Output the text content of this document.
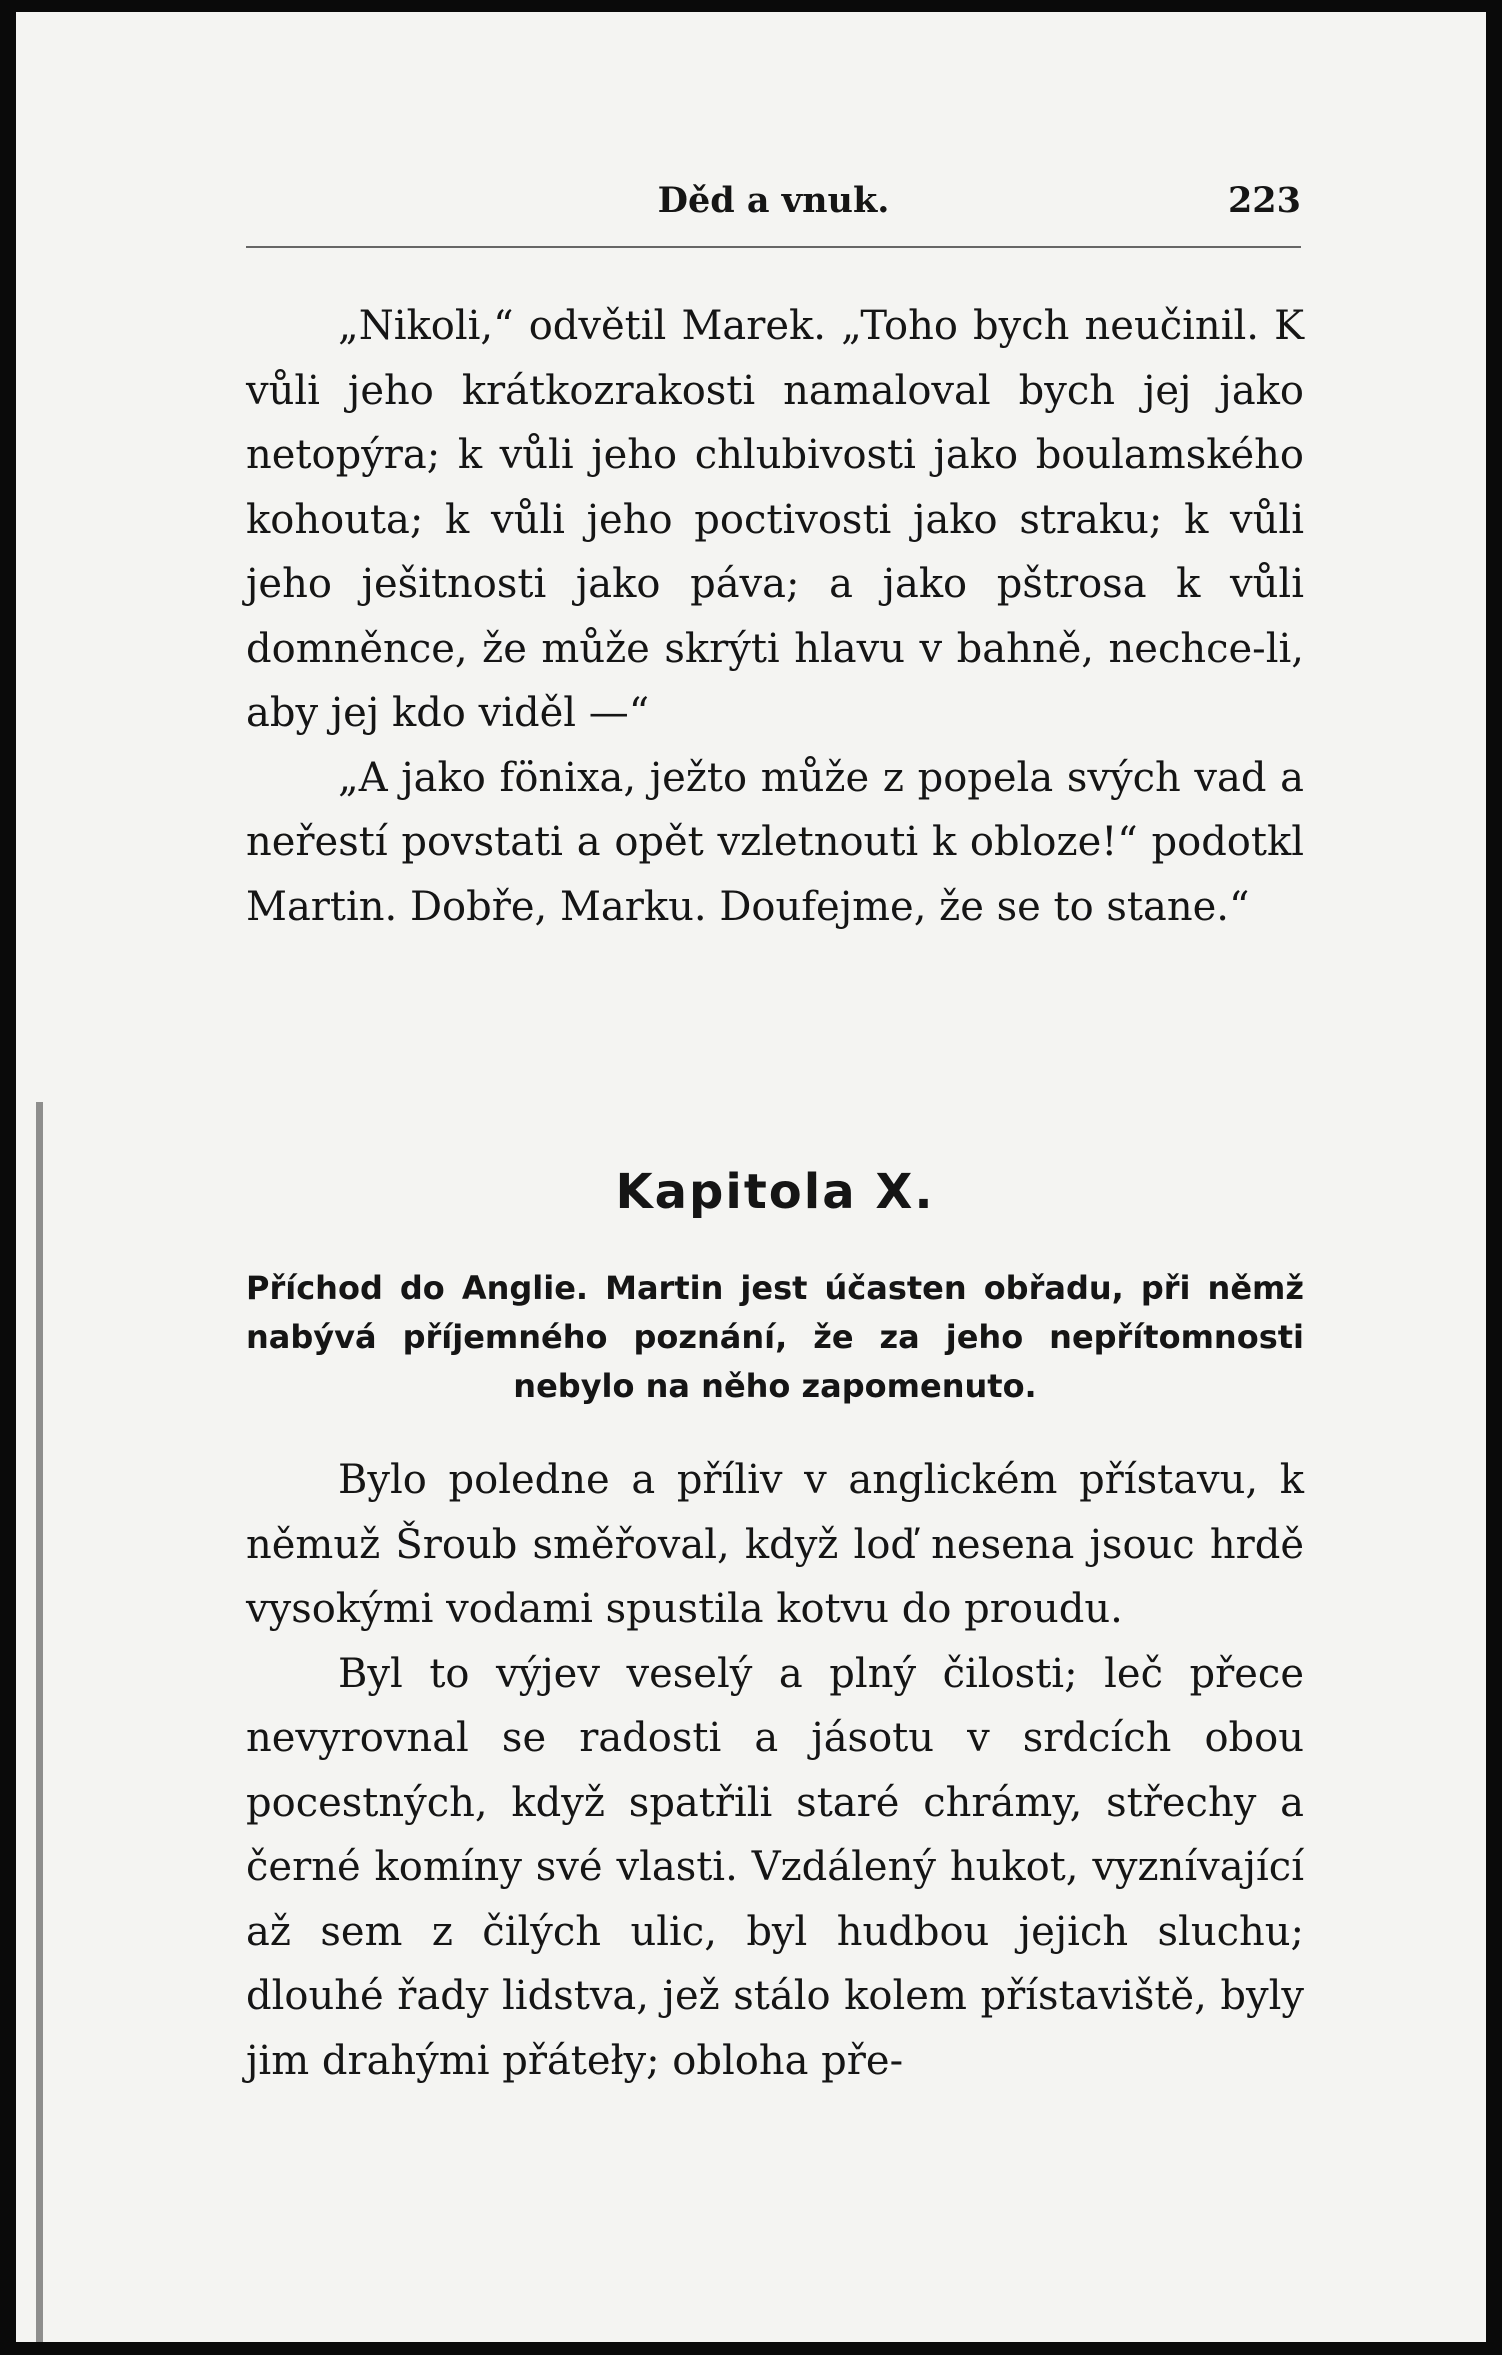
Děd a vnuk.	223

„Nikoli,“ odvětil Marek. „Toho bych neučinil. K vůli jeho krátkozrakosti namaloval bych jej jako netopýra; k vůli jeho chlubivosti jako boulamského kohouta; k vůli jeho poctivosti jako straku; k vůli jeho ješitnosti jako páva; a jako pštrosa k vůli domněnce, že může skrýti hlavu v bahně, nechce-li, aby jej kdo viděl —“

„A jako fönixa, ježto může z popela svých vad a neřestí povstati a opět vzletnouti k obloze!“ podotkl Martin. Dobře, Marku. Doufejme, že se to stane.“

Kapitola X.

Příchod do Anglie. Martin jest účasten obřadu, při němž nabývá příjemného poznání, že za jeho nepřítomnosti nebylo na něho zapomenuto.

Bylo poledne a příliv v anglickém přístavu, k němuž Šroub směřoval, když loď nesena jsouc hrdě vysokými vodami spustila kotvu do proudu.

Byl to výjev veselý a plný čilosti; leč přece nevyrovnal se radosti a jásotu v srdcích obou pocestných, když spatřili staré chrámy, střechy a černé komíny své vlasti. Vzdálený hukot, vyznívající až sem z čilých ulic, byl hudbou jejich sluchu; dlouhé řady lidstva, jež stálo kolem přístaviště, byly jim drahými přáteły; obloha pře-
